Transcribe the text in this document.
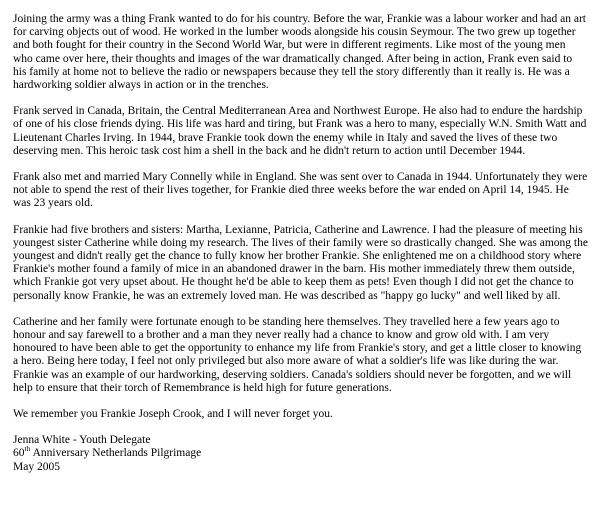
Joining the army was a thing Frank wanted to do for his country. Before the war, Frankie was a labour worker and had an art for carving objects out of wood. He worked in the lumber woods alongside his cousin Seymour. The two grew up together and both fought for their country in the Second World War, but were in different regiments. Like most of the young men who came over here, their thoughts and images of the war dramatically changed. After being in action, Frank even said to his family at home not to believe the radio or newspapers because they tell the story differently than it really is. He was a hardworking soldier always in action or in the trenches.

Frank served in Canada, Britain, the Central Mediterranean Area and Northwest Europe. He also had to endure the hardship of one of his close friends dying. His life was hard and tiring, but Frank was a hero to many, especially W.N. Smith Watt and Lieutenant Charles Irving. In 1944, brave Frankie took down the enemy while in Italy and saved the lives of these two deserving men. This heroic task cost him a shell in the back and he didn't return to action until December 1944.

Frank also met and married Mary Connelly while in England. She was sent over to Canada in 1944. Unfortunately they were not able to spend the rest of their lives together, for Frankie died three weeks before the war ended on April 14, 1945. He was 23 years old.

Frankie had five brothers and sisters: Martha, Lexianne, Patricia, Catherine and Lawrence. I had the pleasure of meeting his youngest sister Catherine while doing my research. The lives of their family were so drastically changed. She was among the youngest and didn't really get the chance to fully know her brother Frankie. She enlightened me on a childhood story where Frankie's mother found a family of mice in an abandoned drawer in the barn. His mother immediately threw them outside, which Frankie got very upset about. He thought he'd be able to keep them as pets! Even though I did not get the chance to personally know Frankie, he was an extremely loved man. He was described as "happy go lucky" and well liked by all.

Catherine and her family were fortunate enough to be standing here themselves. They travelled here a few years ago to honour and say farewell to a brother and a man they never really had a chance to know and grow old with. I am very honoured to have been able to get the opportunity to enhance my life from Frankie's story, and get a little closer to knowing a hero. Being here today, I feel not only privileged but also more aware of what a soldier's life was like during the war. Frankie was an example of our hardworking, deserving soldiers. Canada's soldiers should never be forgotten, and we will help to ensure that their torch of Remembrance is held high for future generations.

We remember you Frankie Joseph Crook, and I will never forget you.

Jenna White - Youth Delegate
60th Anniversary Netherlands Pilgrimage
May 2005
